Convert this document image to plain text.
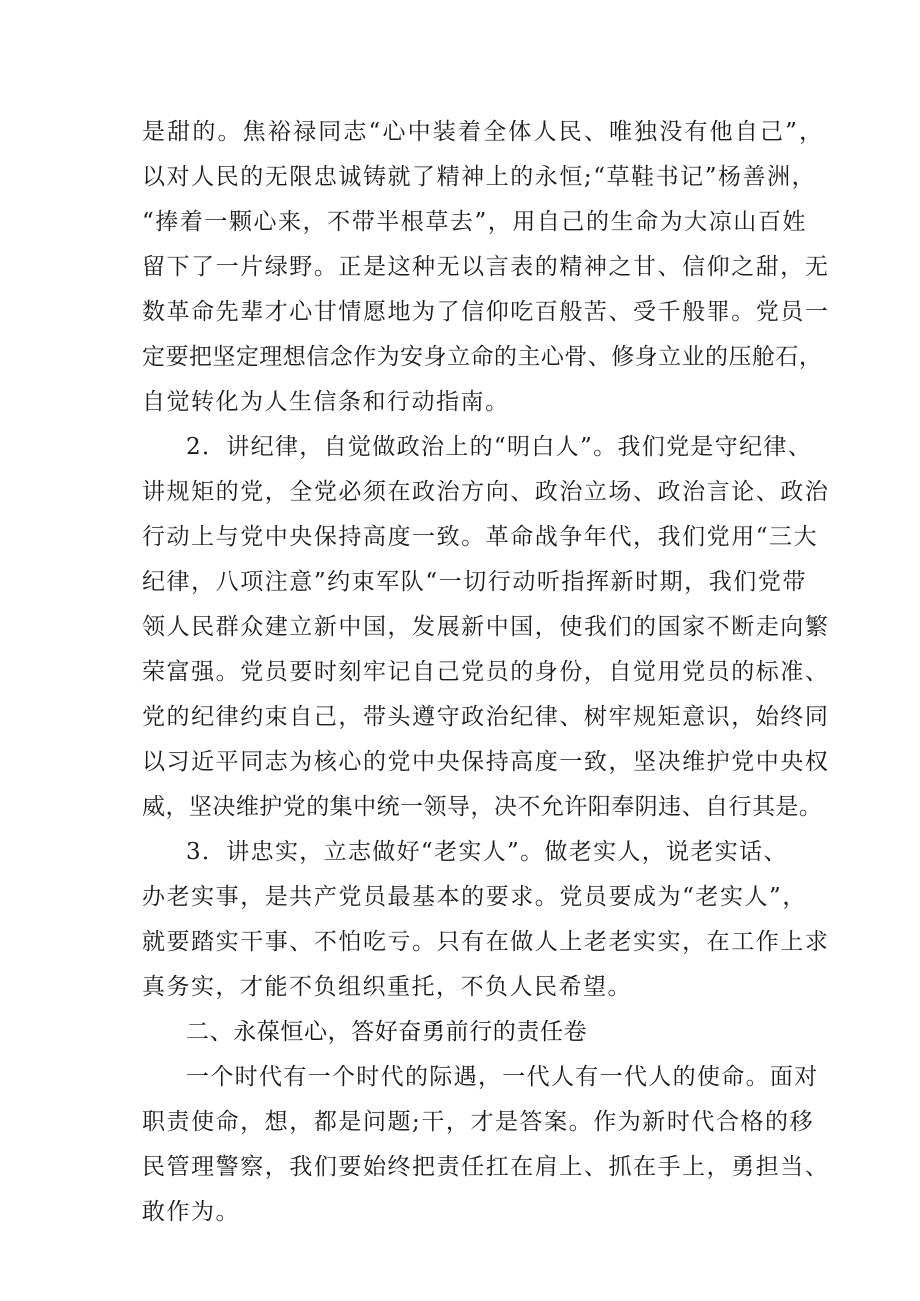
是甜的。焦裕禄同志“心中装着全体人民、唯独没有他自己”，
以对人民的无限忠诚铸就了精神上的永恒;“草鞋书记”杨善洲，
“捧着一颗心来，不带半根草去”，用自己的生命为大凉山百姓
留下了一片绿野。正是这种无以言表的精神之甘、信仰之甜，无
数革命先辈才心甘情愿地为了信仰吃百般苦、受千般罪。党员一
定要把坚定理想信念作为安身立命的主心骨、修身立业的压舱石，
自觉转化为人生信条和行动指南。
2．讲纪律，自觉做政治上的“明白人”。我们党是守纪律、
讲规矩的党，全党必须在政治方向、政治立场、政治言论、政治
行动上与党中央保持高度一致。革命战争年代，我们党用“三大
纪律，八项注意”约束军队“一切行动听指挥新时期，我们党带
领人民群众建立新中国，发展新中国，使我们的国家不断走向繁
荣富强。党员要时刻牢记自己党员的身份，自觉用党员的标准、
党的纪律约束自己，带头遵守政治纪律、树牢规矩意识，始终同
以习近平同志为核心的党中央保持高度一致，坚决维护党中央权
威，坚决维护党的集中统一领导，决不允许阳奉阴违、自行其是。
3．讲忠实，立志做好“老实人”。做老实人，说老实话、
办老实事，是共产党员最基本的要求。党员要成为“老实人”，
就要踏实干事、不怕吃亏。只有在做人上老老实实，在工作上求
真务实，才能不负组织重托，不负人民希望。
二、永葆恒心，答好奋勇前行的责任卷
一个时代有一个时代的际遇，一代人有一代人的使命。面对
职责使命，想，都是问题;干，才是答案。作为新时代合格的移
民管理警察，我们要始终把责任扛在肩上、抓在手上，勇担当、
敢作为。
